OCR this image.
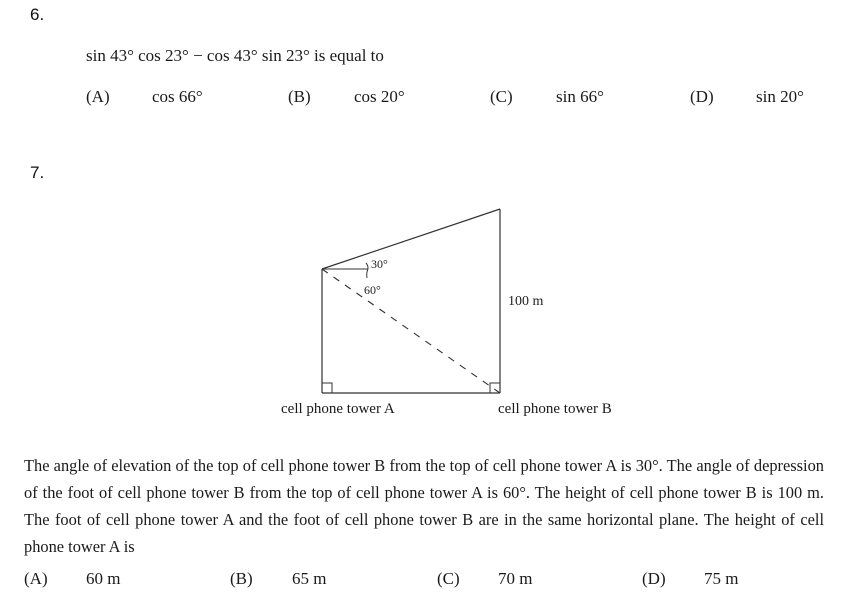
6.
sin 43° cos 23° − cos 43° sin 23° is equal to
(A) cos 66°	(B)	cos 20°	(C)	sin 66°	(D) sin 20°
7.
30°
60°
100 m
cell phone tower A	cell phone tower B
The angle of elevation of the top of cell phone tower B from the top of cell phone tower A is 30°. The angle of depression of the foot of cell phone tower B from the top of cell phone tower A is 60°. The height of cell phone tower B is 100 m. The foot of cell phone tower A and the foot of cell phone tower B are in the same horizontal plane. The height of cell phone tower A is
(A) 60 m	(B) 65 m	(C) 70 m	(D) 75 m
